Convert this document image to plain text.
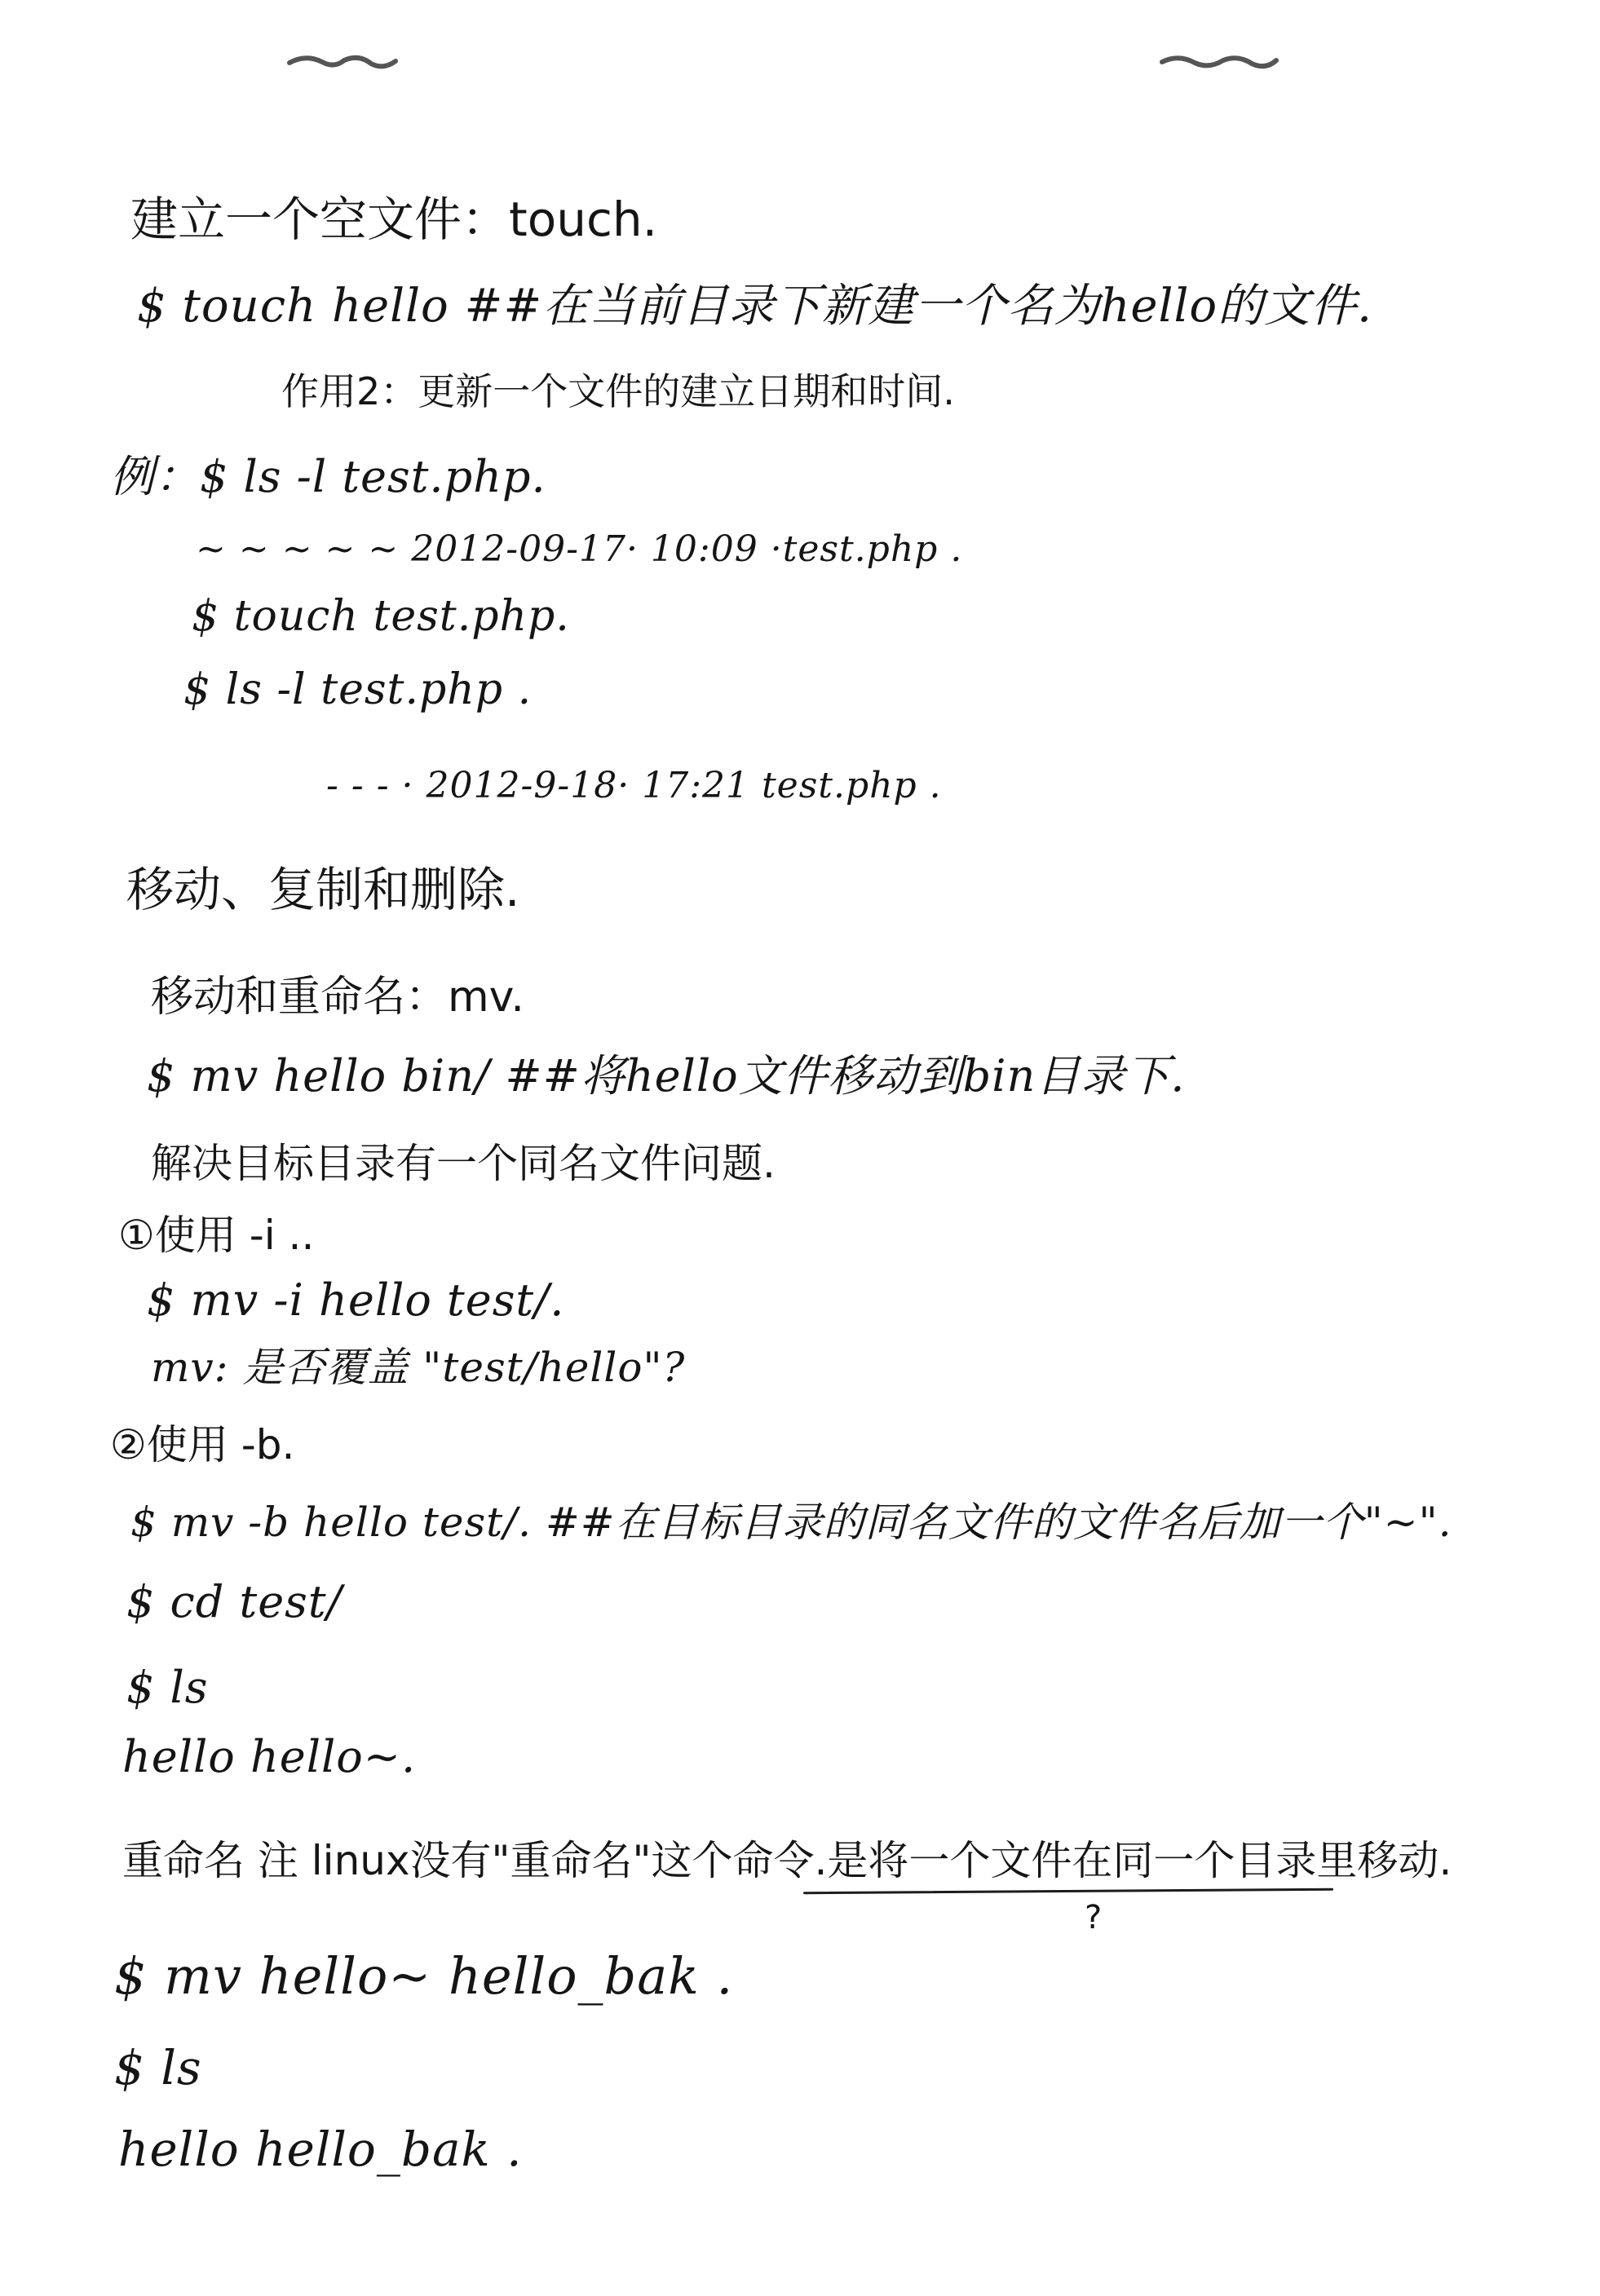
建立一个空文件：touch.
$ touch hello ##在当前目录下新建一个名为hello的文件.
作用2：更新一个文件的建立日期和时间.
例：$ ls -l test.php.
~ ~ ~ ~ ~ 2012-09-17· 10:09 ·test.php .
$ touch test.php.
$ ls -l test.php .
- - - · 2012-9-18· 17:21 test.php .
移动、复制和删除.
移动和重命名：mv.
$ mv hello bin/ ##将hello文件移动到bin目录下.
解决目标目录有一个同名文件问题.
①使用 -i ..
$ mv -i hello test/.
mv: 是否覆盖 "test/hello"?
②使用 -b.
$ mv -b hello test/. ##在目标目录的同名文件的文件名后加一个"~".
$ cd test/
$ ls
hello hello~.
重命名 注 linux没有"重命名"这个命令.是将一个文件在同一个目录里移动.
?
$ mv hello~ hello_bak .
$ ls
hello hello_bak .
